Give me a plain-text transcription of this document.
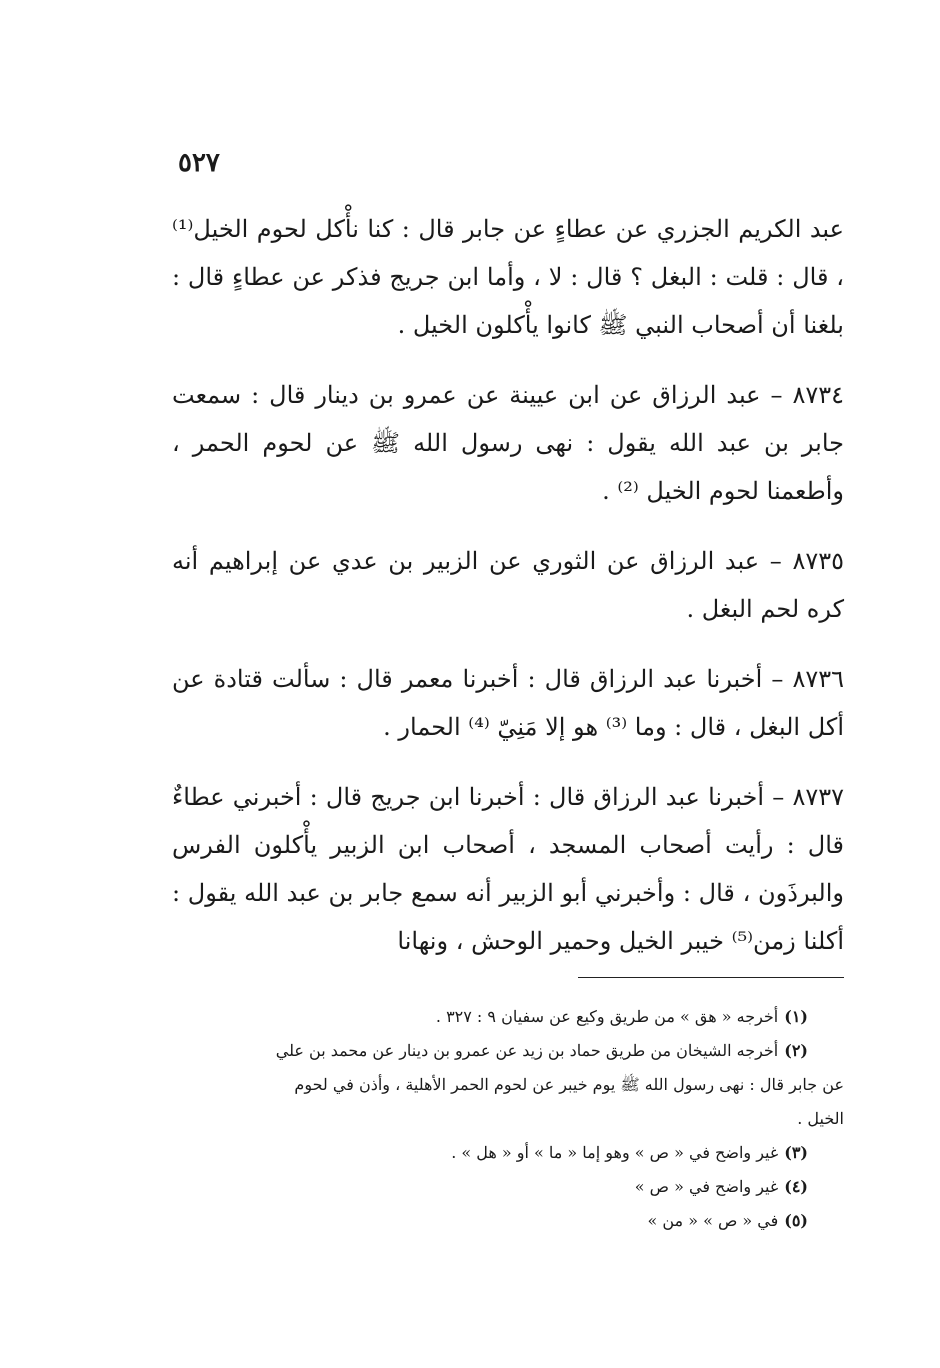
٥٢٧

عبد الكريم الجزري عن عطاءٍ عن جابر قال : كنا نأْكل لحوم الخيل⁽¹⁾ ، قال : قلت : البغل ؟ قال : لا ، وأما ابن جريج فذكر عن عطاءٍ قال : بلغنا أن أصحاب النبي ﷺ كانوا يأْكلون الخيل .

٨٧٣٤ – عبد الرزاق عن ابن عيينة عن عمرو بن دينار قال : سمعت جابر بن عبد الله يقول : نهى رسول الله ﷺ عن لحوم الحمر ، وأطعمنا لحوم الخيل ⁽²⁾ .

٨٧٣٥ – عبد الرزاق عن الثوري عن الزبير بن عدي عن إبراهيم أنه كره لحم البغل .

٨٧٣٦ – أخبرنا عبد الرزاق قال : أخبرنا معمر قال : سألت قتادة عن أكل البغل ، قال : وما ⁽³⁾ هو إلا مَنِيّ ⁽⁴⁾ الحمار .

٨٧٣٧ – أخبرنا عبد الرزاق قال : أخبرنا ابن جريج قال : أخبرني عطاءٌ قال : رأيت أصحاب المسجد ، أصحاب ابن الزبير يأْكلون الفرس والبرذَون ، قال : وأخبرني أبو الزبير أنه سمع جابر بن عبد الله يقول : أكلنا زمن⁽⁵⁾ خيبر الخيل وحمير الوحش ، ونهانا

(١)أخرجه « هق » من طريق وكيع عن سفيان ٩ : ٣٢٧ .

(٢)أخرجه الشيخان من طريق حماد بن زيد عن عمرو بن دينار عن محمد بن علي

عن جابر قال : نهى رسول الله ﷺ يوم خيبر عن لحوم الحمر الأهلية ، وأذن في لحوم

الخيل .

(٣)غير واضح في « ص » وهو إما « ما » أو « هل » .

(٤)غير واضح في « ص »

(٥)في « ص » « من »
